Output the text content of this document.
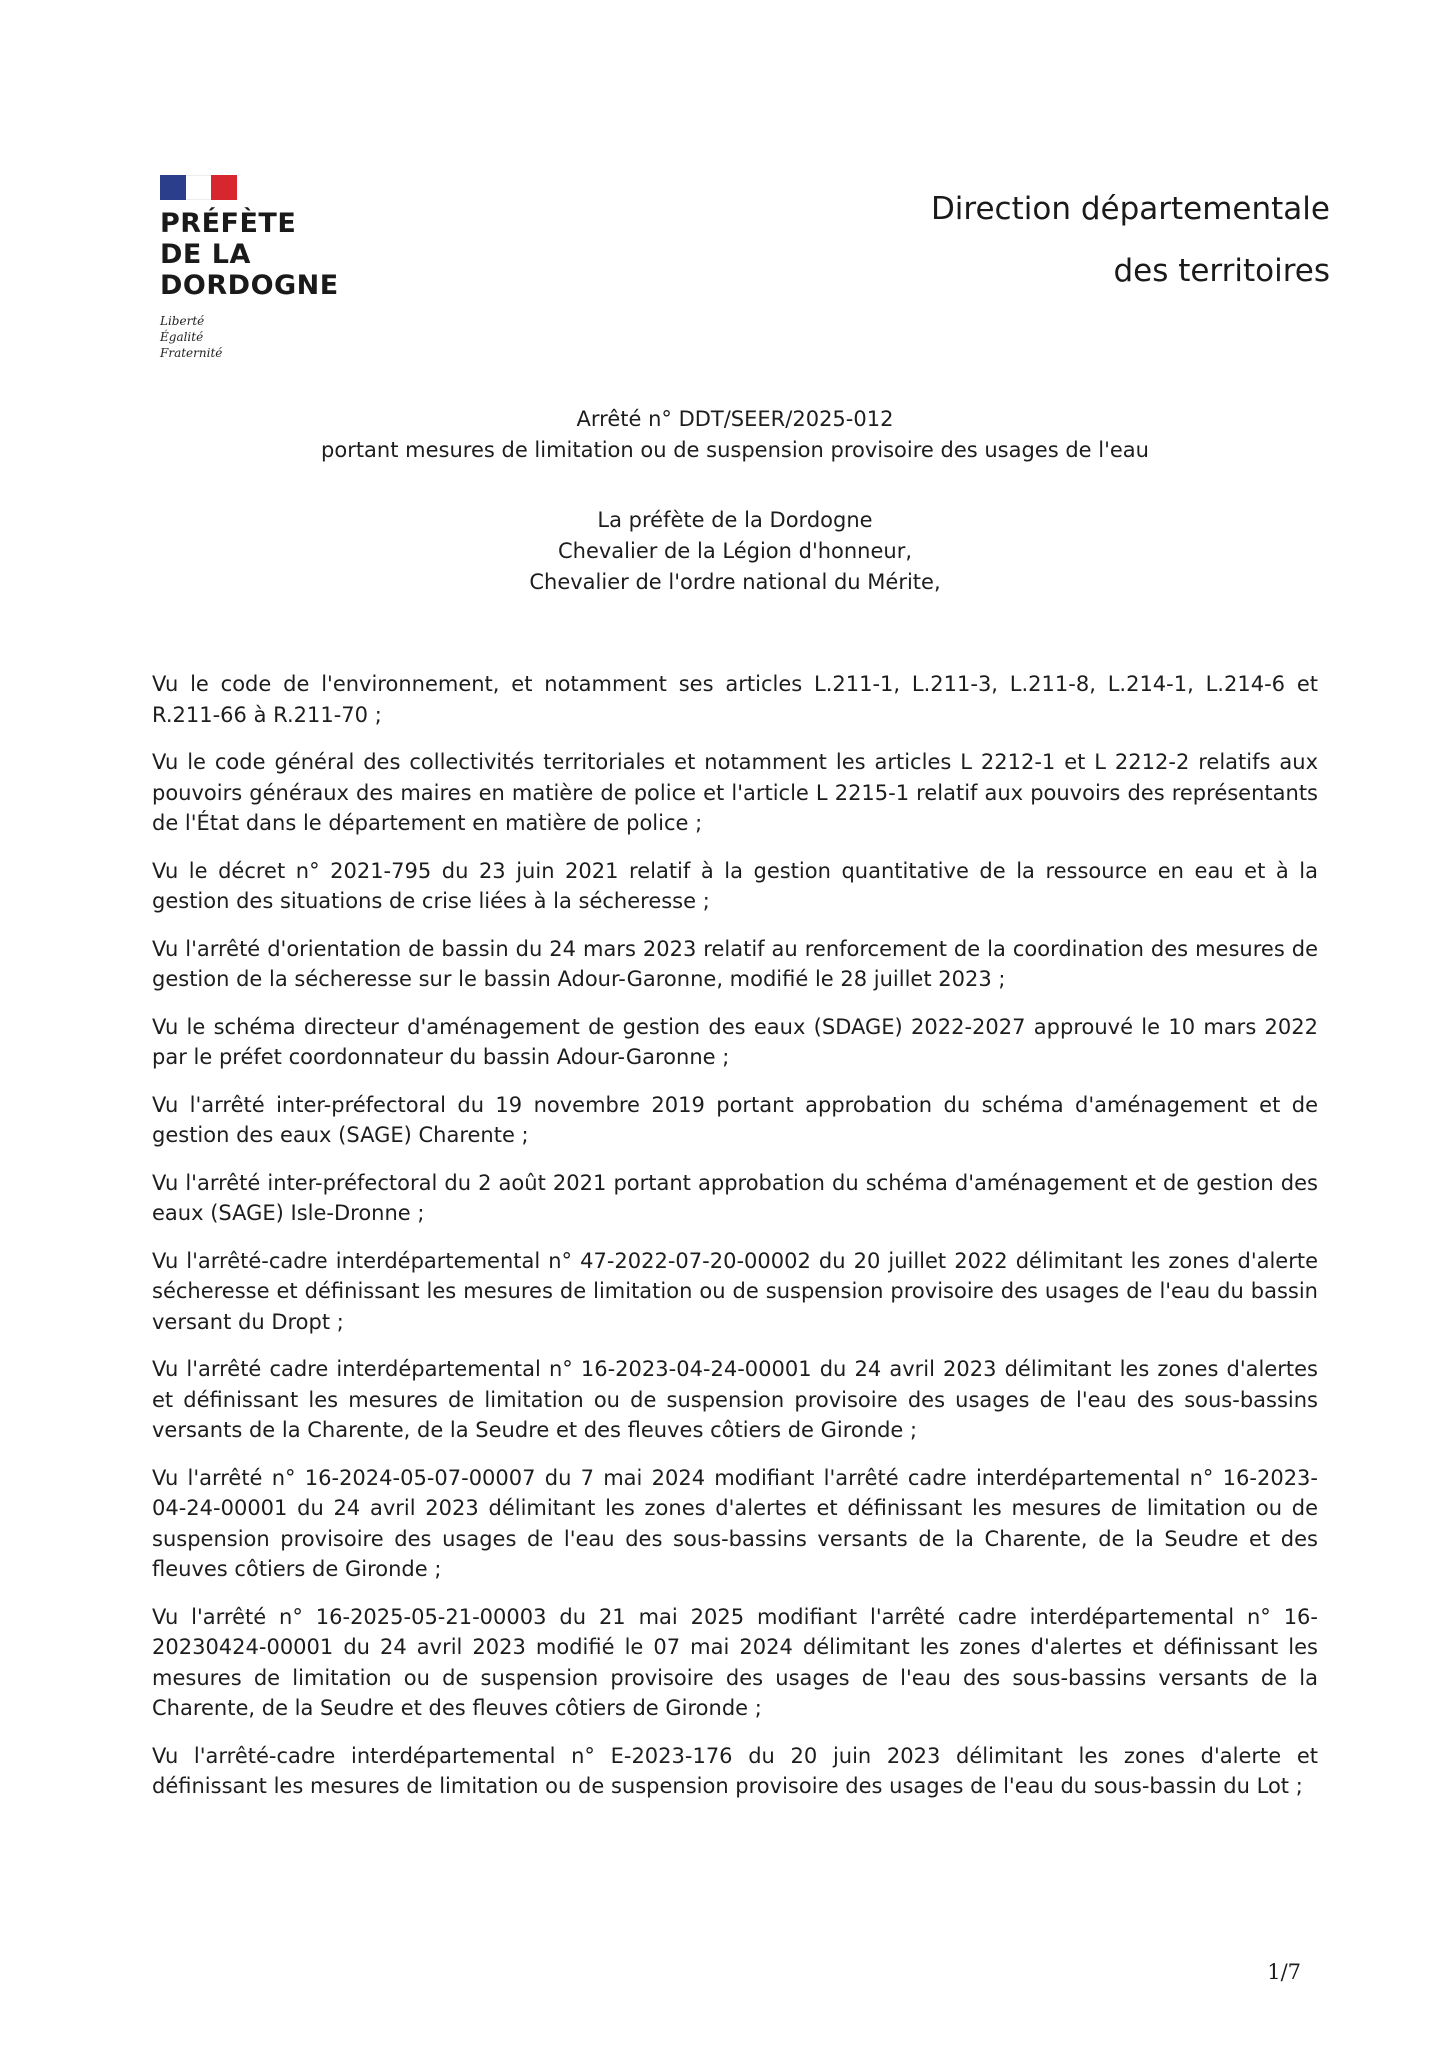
PRÉFÈTE
DE LA
DORDOGNE
Liberté
Égalité
Fraternité
Direction départementale
des territoires
Arrêté n° DDT/SEER/2025-012
portant mesures de limitation ou de suspension provisoire des usages de l'eau
La préfète de la Dordogne
Chevalier de la Légion d'honneur,
Chevalier de l'ordre national du Mérite,

Vu le code de l'environnement, et notamment ses articles L.211-1, L.211-3, L.211-8, L.214-1, L.214-6 et R.211-66 à R.211-70 ;

Vu le code général des collectivités territoriales et notamment les articles L 2212-1 et L 2212-2 relatifs aux pouvoirs généraux des maires en matière de police et l'article L 2215-1 relatif aux pouvoirs des représentants de l'État dans le département en matière de police ;

Vu le décret n° 2021-795 du 23 juin 2021 relatif à la gestion quantitative de la ressource en eau et à la gestion des situations de crise liées à la sécheresse ;

Vu l'arrêté d'orientation de bassin du 24 mars 2023 relatif au renforcement de la coordination des mesures de gestion de la sécheresse sur le bassin Adour-Garonne, modifié le 28 juillet 2023 ;

Vu le schéma directeur d'aménagement de gestion des eaux (SDAGE) 2022-2027 approuvé le 10 mars 2022 par le préfet coordonnateur du bassin Adour-Garonne ;

Vu l'arrêté inter-préfectoral du 19 novembre 2019 portant approbation du schéma d'aménagement et de gestion des eaux (SAGE) Charente ;

Vu l'arrêté inter-préfectoral du 2 août 2021 portant approbation du schéma d'aménagement et de gestion des eaux (SAGE) Isle-Dronne ;

Vu l'arrêté-cadre interdépartemental n° 47-2022-07-20-00002 du 20 juillet 2022 délimitant les zones d'alerte sécheresse et définissant les mesures de limitation ou de suspension provisoire des usages de l'eau du bassin versant du Dropt ;

Vu l'arrêté cadre interdépartemental n° 16-2023-04-24-00001 du 24 avril 2023 délimitant les zones d'alertes et définissant les mesures de limitation ou de suspension provisoire des usages de l'eau des sous-bassins versants de la Charente, de la Seudre et des fleuves côtiers de Gironde ;

Vu l'arrêté n° 16-2024-05-07-00007 du 7 mai 2024 modifiant l'arrêté cadre interdépartemental n° 16-2023-04-24-00001 du 24 avril 2023 délimitant les zones d'alertes et définissant les mesures de limitation ou de suspension provisoire des usages de l'eau des sous-bassins versants de la Charente, de la Seudre et des fleuves côtiers de Gironde ;

Vu l'arrêté n° 16-2025-05-21-00003 du 21 mai 2025 modifiant l'arrêté cadre interdépartemental n° 16-20230424-00001 du 24 avril 2023 modifié le 07 mai 2024 délimitant les zones d'alertes et définissant les mesures de limitation ou de suspension provisoire des usages de l'eau des sous-bassins versants de la Charente, de la Seudre et des fleuves côtiers de Gironde ;

Vu l'arrêté-cadre interdépartemental n° E-2023-176 du 20 juin 2023 délimitant les zones d'alerte et définissant les mesures de limitation ou de suspension provisoire des usages de l'eau du sous-bassin du Lot ;

1/7
